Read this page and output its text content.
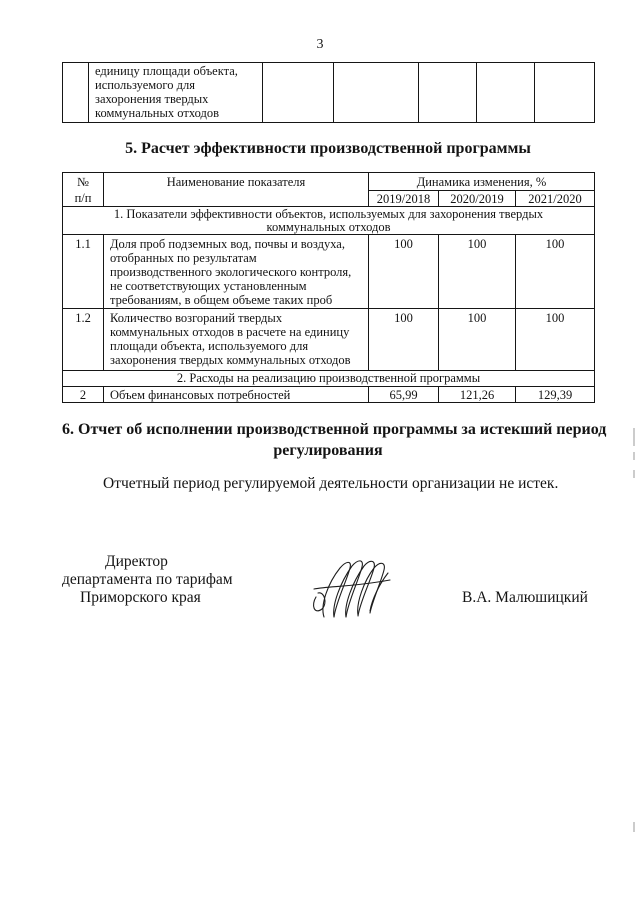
3

единицу площади объекта,
используемого для
захоронения твердых
коммунальных отходов

5. Расчет эффективности производственной программы
№
п/п	Наименование показателя	Динамика изменения, %		
		2019/2018	2020/2019	2021/2020

1. Показатели эффективности объектов, используемых для захоронения твердых
коммунальных отходов				

1.1	Доля проб подземных вод, почвы и воздуха,
отобранных по результатам
производственного экологического контроля,
не соответствующих установленным
требованиям, в общем объеме таких проб	100	100	100
1.2	Количество возгораний твердых
коммунальных отходов в расчете на единицу
площади объекта, используемого для
захоронения твердых коммунальных отходов	100	100	100

2. Расходы на реализацию производственной программы				

2	Объем финансовых потребностей	65,99	121,26	129,39
6. Отчет об исполнении производственной программы за истекший период
регулирования
Отчетный период регулируемой деятельности организации не истек.
Директор
департамента по тарифам
Приморского края	В.А. Малюшицкий
